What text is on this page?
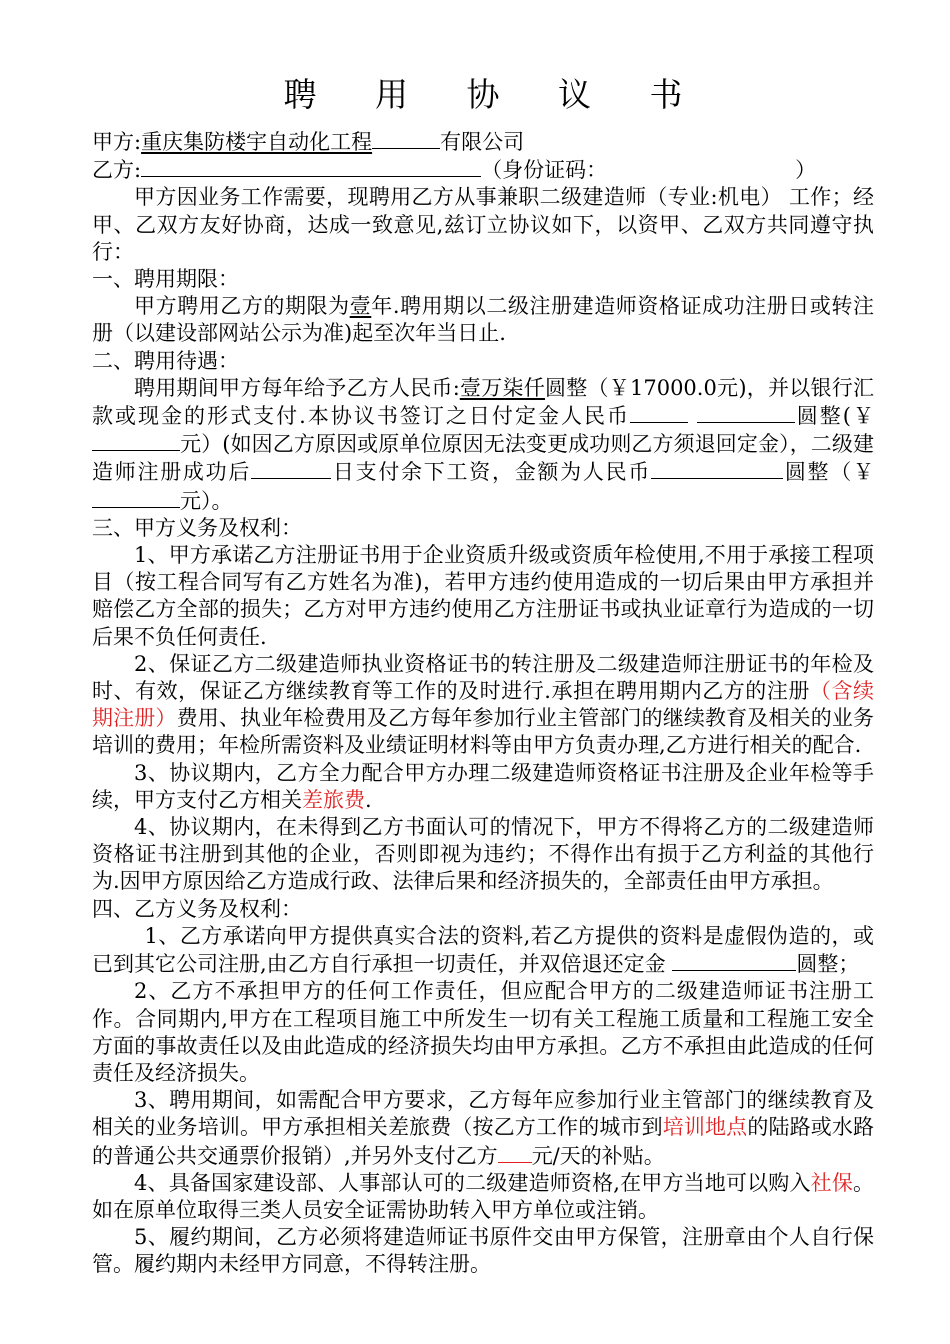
聘 用 协 议 书

甲方:重庆集防楼宇自动化工程	有限公司

乙方:	（身份证码：	）

甲方因业务工作需要，现聘用乙方从事兼职二级建造师（专业:机电） 工作；经甲、乙双方友好协商，达成一致意见,兹订立协议如下，以资甲、乙双方共同遵守执行：

一、聘用期限：

甲方聘用乙方的期限为壹年.聘用期以二级注册建造师资格证成功注册日或转注册（以建设部网站公示为准)起至次年当日止.

二、聘用待遇：

聘用期间甲方每年给予乙方人民币:壹万柒仟圆整（￥17000.0元)，并以银行汇款或现金的形式支付.本协议书签订之日付定金人民币	圆整(￥元）(如因乙方原因或原单位原因无法变更成功则乙方须退回定金），二级建造师注册成功后	日支付余下工资，金额为人民币	圆整（￥元）。

三、甲方义务及权利：

1、甲方承诺乙方注册证书用于企业资质升级或资质年检使用,不用于承接工程项目（按工程合同写有乙方姓名为准)，若甲方违约使用造成的一切后果由甲方承担并赔偿乙方全部的损失；乙方对甲方违约使用乙方注册证书或执业证章行为造成的一切后果不负任何责任.

2、保证乙方二级建造师执业资格证书的转注册及二级建造师注册证书的年检及时、有效，保证乙方继续教育等工作的及时进行.承担在聘用期内乙方的注册（含续期注册）费用、执业年检费用及乙方每年参加行业主管部门的继续教育及相关的业务培训的费用；年检所需资料及业绩证明材料等由甲方负责办理,乙方进行相关的配合.

3、协议期内，乙方全力配合甲方办理二级建造师资格证书注册及企业年检等手续，甲方支付乙方相关差旅费.

4、协议期内，在未得到乙方书面认可的情况下，甲方不得将乙方的二级建造师资格证书注册到其他的企业，否则即视为违约；不得作出有损于乙方利益的其他行为.因甲方原因给乙方造成行政、法律后果和经济损失的，全部责任由甲方承担。

四、乙方义务及权利：

1、乙方承诺向甲方提供真实合法的资料,若乙方提供的资料是虚假伪造的，或已到其它公司注册,由乙方自行承担一切责任，并双倍退还定金	圆整；

2、乙方不承担甲方的任何工作责任，但应配合甲方的二级建造师证书注册工作。合同期内,甲方在工程项目施工中所发生一切有关工程施工质量和工程施工安全方面的事故责任以及由此造成的经济损失均由甲方承担。乙方不承担由此造成的任何责任及经济损失。

3、聘用期间，如需配合甲方要求，乙方每年应参加行业主管部门的继续教育及相关的业务培训。甲方承担相关差旅费（按乙方工作的城市到培训地点的陆路或水路的普通公共交通票价报销）,并另外支付乙方 元/天的补贴。

4、具备国家建设部、人事部认可的二级建造师资格,在甲方当地可以购入社保。如在原单位取得三类人员安全证需协助转入甲方单位或注销。

5、履约期间，乙方必须将建造师证书原件交由甲方保管，注册章由个人自行保管。履约期内未经甲方同意，不得转注册。
